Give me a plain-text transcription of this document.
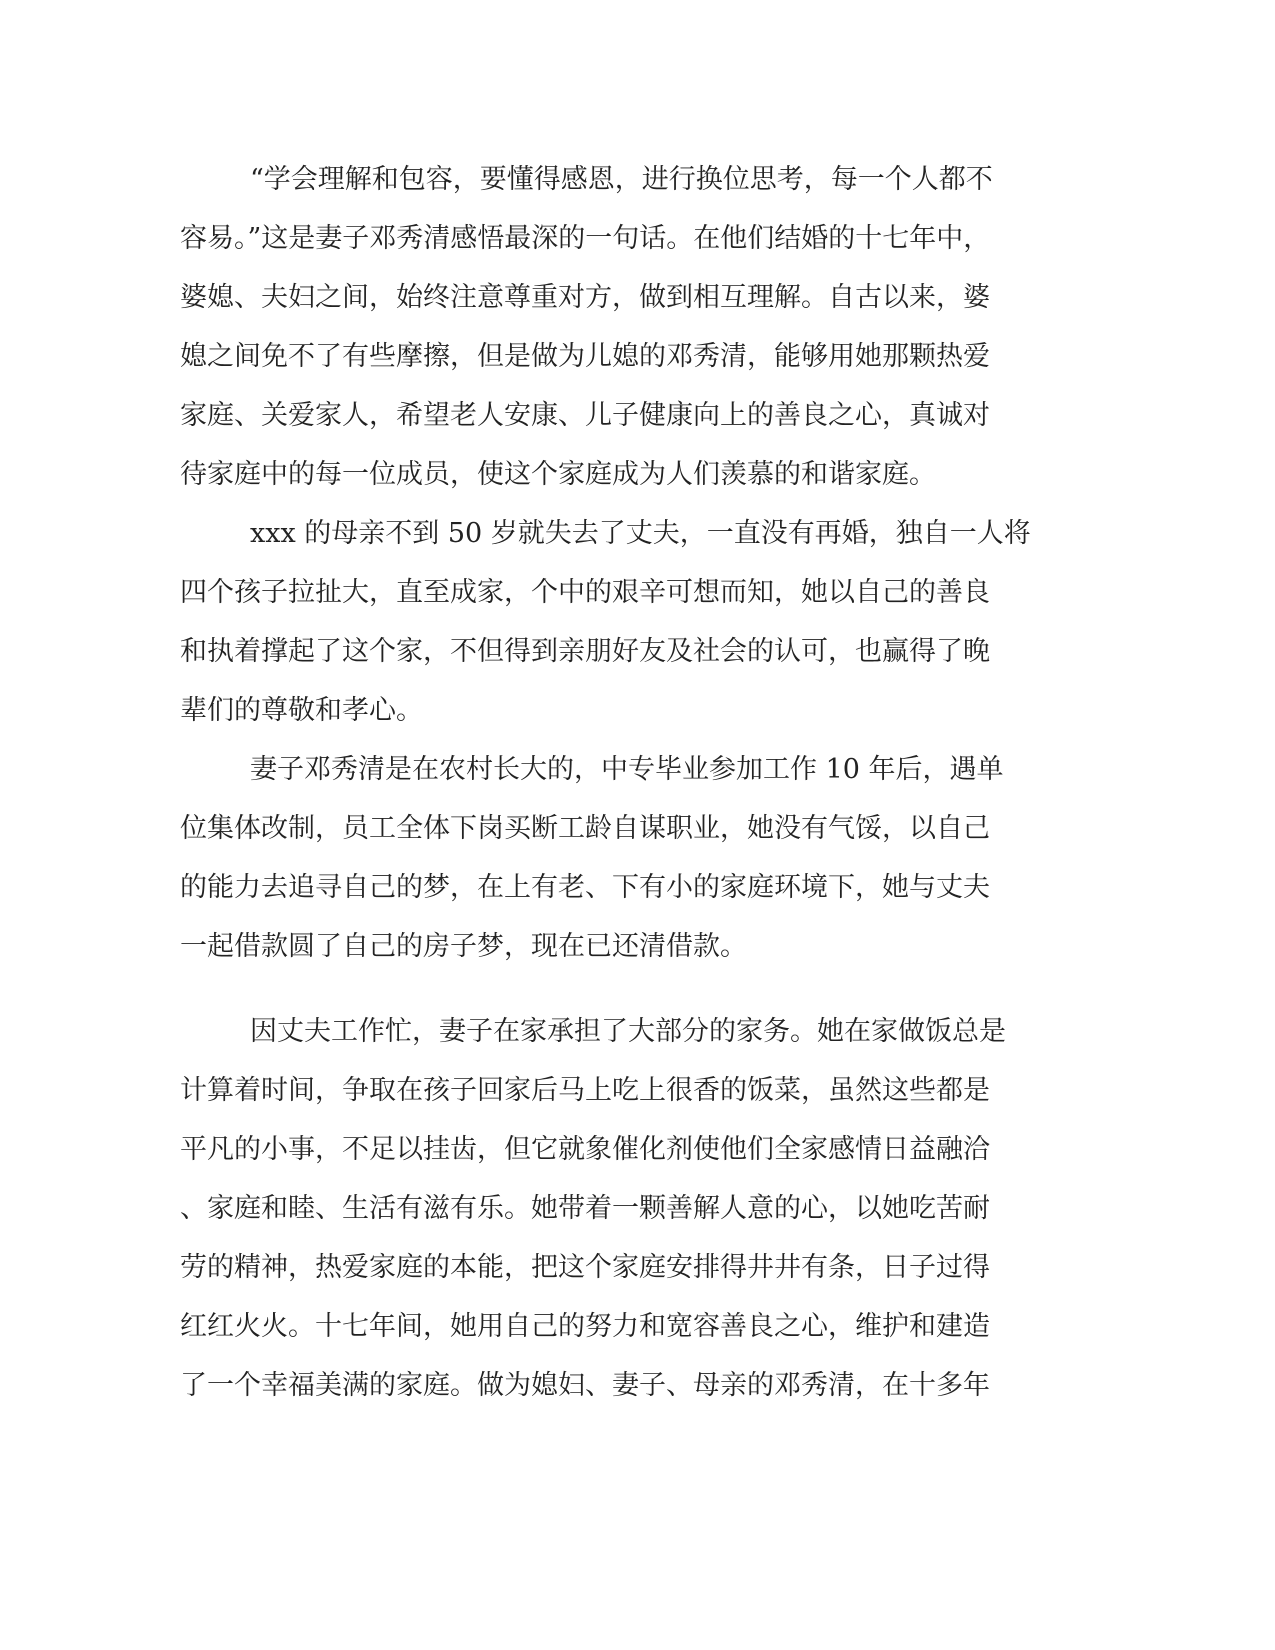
“学会理解和包容，要懂得感恩，进行换位思考，每一个人都不
容易。”这是妻子邓秀清感悟最深的一句话。在他们结婚的十七年中，
婆媳、夫妇之间，始终注意尊重对方，做到相互理解。自古以来，婆
媳之间免不了有些摩擦，但是做为儿媳的邓秀清，能够用她那颗热爱
家庭、关爱家人，希望老人安康、儿子健康向上的善良之心，真诚对
待家庭中的每一位成员，使这个家庭成为人们羡慕的和谐家庭。
xxx 的母亲不到 50 岁就失去了丈夫，一直没有再婚，独自一人将
四个孩子拉扯大，直至成家，个中的艰辛可想而知，她以自己的善良
和执着撑起了这个家，不但得到亲朋好友及社会的认可，也赢得了晚
辈们的尊敬和孝心。
妻子邓秀清是在农村长大的，中专毕业参加工作 10 年后，遇单
位集体改制，员工全体下岗买断工龄自谋职业，她没有气馁，以自己
的能力去追寻自己的梦，在上有老、下有小的家庭环境下，她与丈夫
一起借款圆了自己的房子梦，现在已还清借款。
因丈夫工作忙，妻子在家承担了大部分的家务。她在家做饭总是
计算着时间，争取在孩子回家后马上吃上很香的饭菜，虽然这些都是
平凡的小事，不足以挂齿，但它就象催化剂使他们全家感情日益融洽
、家庭和睦、生活有滋有乐。她带着一颗善解人意的心，以她吃苦耐
劳的精神，热爱家庭的本能，把这个家庭安排得井井有条，日子过得
红红火火。十七年间，她用自己的努力和宽容善良之心，维护和建造
了一个幸福美满的家庭。做为媳妇、妻子、母亲的邓秀清，在十多年
